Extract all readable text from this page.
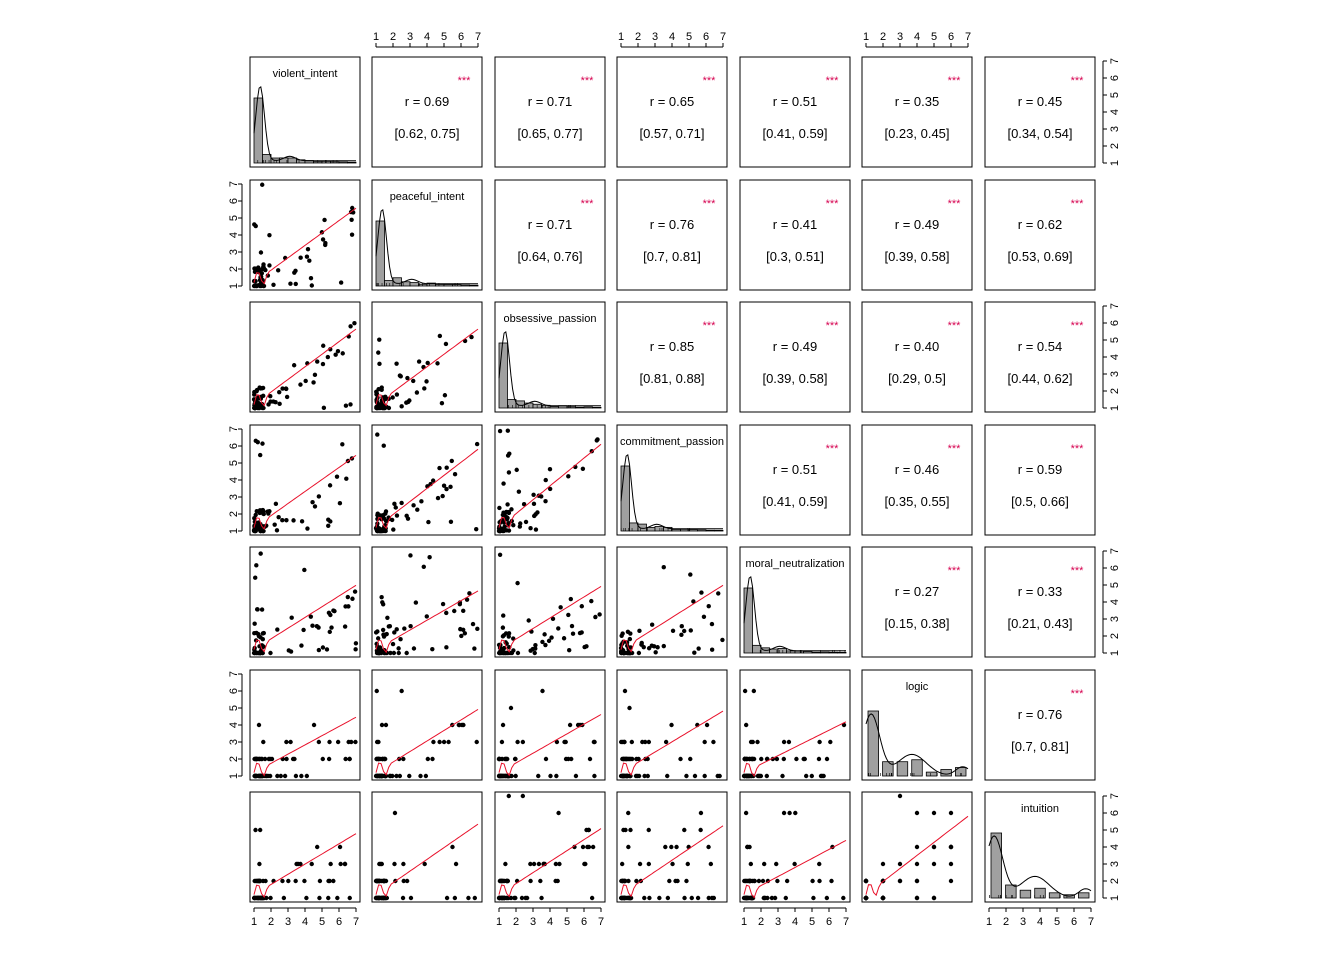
violent_intent
***
r = 0.69
[0.62, 0.75]
***
r = 0.71
[0.65, 0.77]
***
r = 0.65
[0.57, 0.71]
***
r = 0.51
[0.41, 0.59]
***
r = 0.35
[0.23, 0.45]
***
r = 0.45
[0.34, 0.54]
peaceful_intent
***
r = 0.71
[0.64, 0.76]
***
r = 0.76
[0.7, 0.81]
***
r = 0.41
[0.3, 0.51]
***
r = 0.49
[0.39, 0.58]
***
r = 0.62
[0.53, 0.69]
obsessive_passion
***
r = 0.85
[0.81, 0.88]
***
r = 0.49
[0.39, 0.58]
***
r = 0.40
[0.29, 0.5]
***
r = 0.54
[0.44, 0.62]
commitment_passion
***
r = 0.51
[0.41, 0.59]
***
r = 0.46
[0.35, 0.55]
***
r = 0.59
[0.5, 0.66]
moral_neutralization
***
r = 0.27
[0.15, 0.38]
***
r = 0.33
[0.21, 0.43]
logic
***
r = 0.76
[0.7, 0.81]
intuition
1 2 3 4 5 6 7	1 2 3 4 5 6 7	1 2 3 4 5 6 7
1 2 3 4 5 6 7	1 2 3 4 5 6 7	1 2 3 4 5 6 7	1 2 3 4 5 6 7
1
2
3
4
5
6
7
1
2
3
4
5
6
7
1
2
3
4
5
6
7
1
2
3
4
5
6
7
1
2
3
4
5
6
7
1
2
3
4
5
6
7
1
2
3
4
5
6
7
